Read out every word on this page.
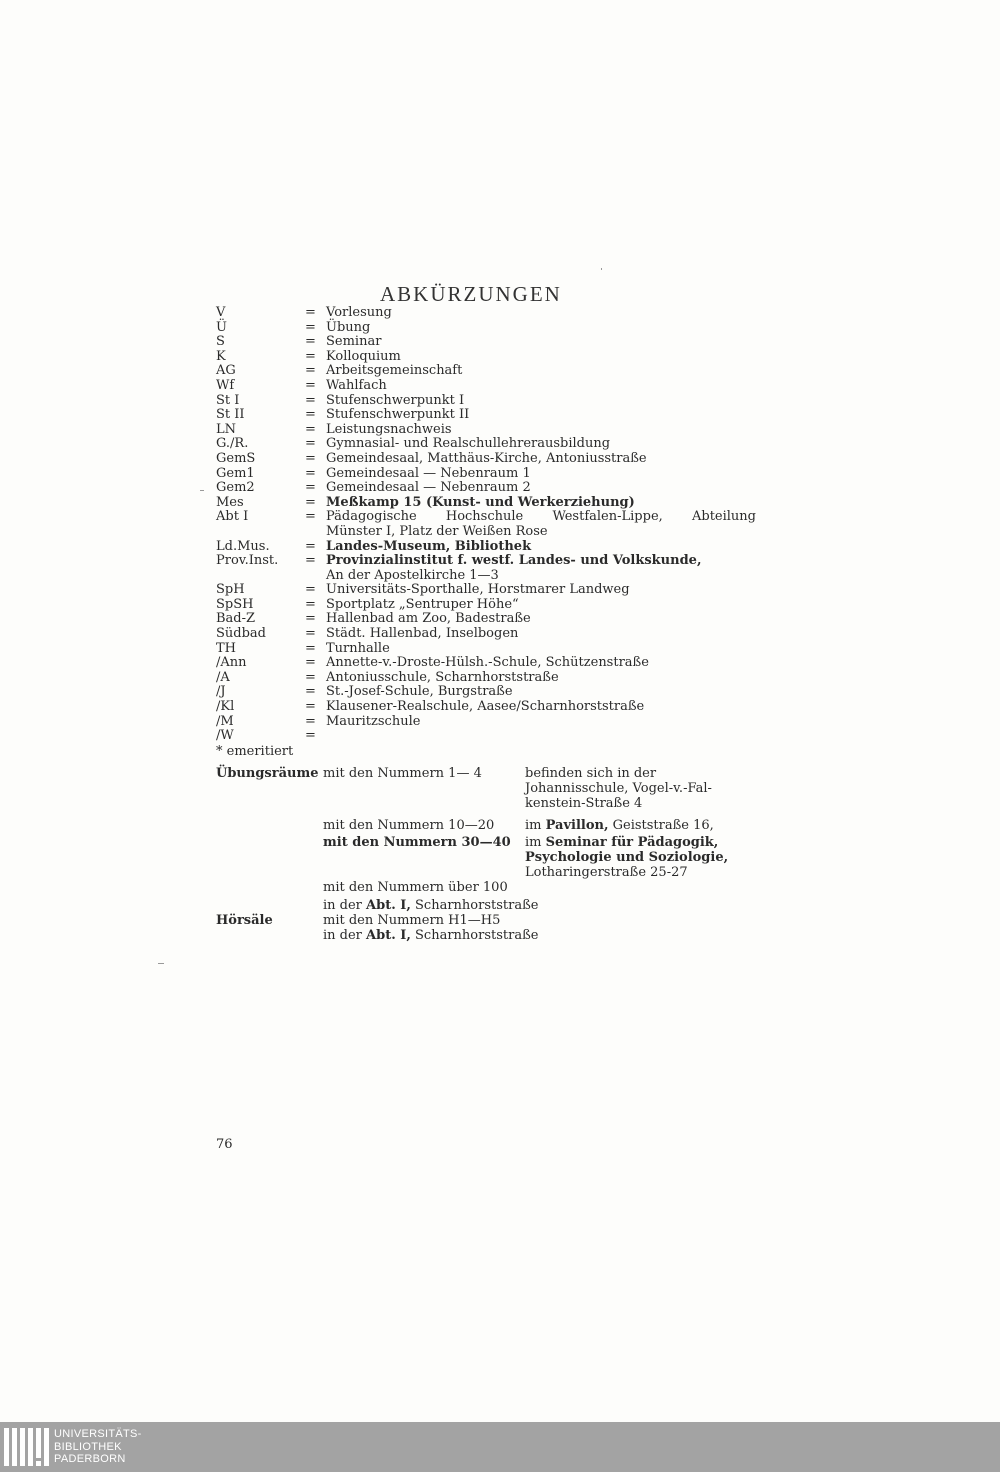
ABKÜRZUNGEN
V	= Vorlesung
Ü	= Übung
S	= Seminar
K	= Kolloquium
AG	= Arbeitsgemeinschaft
Wf	= Wahlfach
St I	= Stufenschwerpunkt I
St II	= Stufenschwerpunkt II
LN	= Leistungsnachweis
G./R.	= Gymnasial- und Realschullehrerausbildung
GemS	= Gemeindesaal, Matthäus-Kirche, Antoniusstraße
Gem1	= Gemeindesaal — Nebenraum 1
Gem2	= Gemeindesaal — Nebenraum 2
Mes	= Meßkamp 15 (Kunst- und Werkerziehung)
Abt I	= Pädagogische Hochschule Westfalen-Lippe, Abteilung
Münster I, Platz der Weißen Rose
Ld.Mus.	= Landes-Museum, Bibliothek
Prov.Inst. = Provinzialinstitut f. westf. Landes- und Volkskunde,
An der Apostelkirche 1—3
SpH	= Universitäts-Sporthalle, Horstmarer Landweg
SpSH	= Sportplatz „Sentruper Höhe“
Bad-Z	= Hallenbad am Zoo, Badestraße
Südbad	= Städt. Hallenbad, Inselbogen
TH	= Turnhalle
/Ann	= Annette-v.-Droste-Hülsh.-Schule, Schützenstraße
/A	= Antoniusschule, Scharnhorststraße
/J	= St.-Josef-Schule, Burgstraße
/Kl	= Klausener-Realschule, Aasee/Scharnhorststraße
/M	= Mauritzschule
/W	=
* emeritiert
Übungsräume mit den Nummern 1— 4	befinden sich in der
Johannisschule, Vogel-v.-Fal-
kenstein-Straße 4
mit den Nummern 10—20 im Pavillon, Geiststraße 16,
mit den Nummern 30—40 im Seminar für Pädagogik,
Psychologie und Soziologie,
Lotharingerstraße 25-27
mit den Nummern über 100
in der Abt. I, Scharnhorststraße
Hörsäle	mit den Nummern H1—H5
in der Abt. I, Scharnhorststraße
76
UNIVERSITÄTS-
BIBLIOTHEK
PADERBORN
